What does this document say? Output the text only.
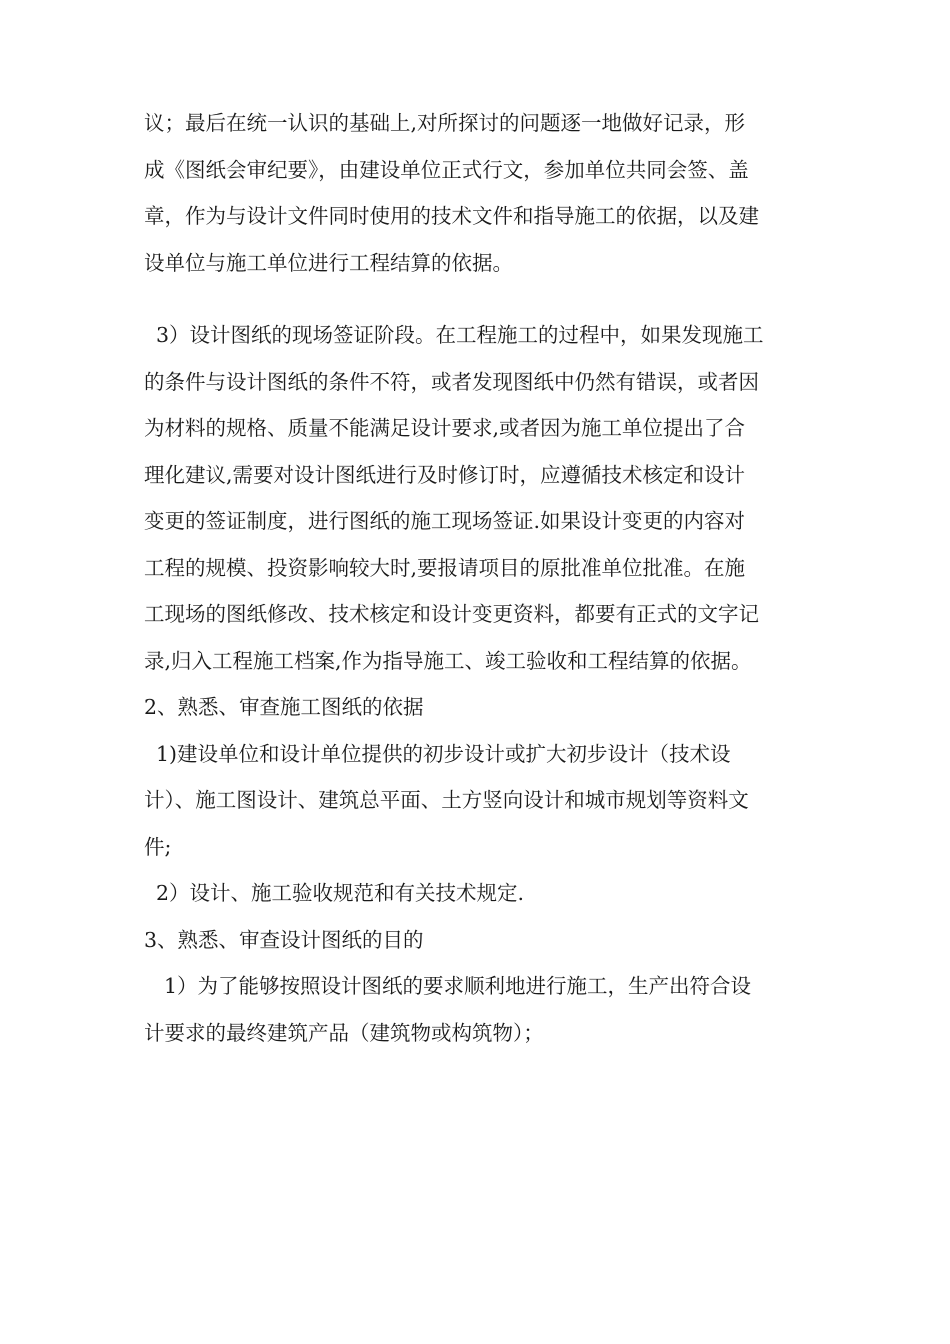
议；最后在统一认识的基础上,对所探讨的问题逐一地做好记录，形
成《图纸会审纪要》，由建设单位正式行文，参加单位共同会签、盖
章，作为与设计文件同时使用的技术文件和指导施工的依据，以及建
设单位与施工单位进行工程结算的依据。
3）设计图纸的现场签证阶段。在工程施工的过程中，如果发现施工
的条件与设计图纸的条件不符，或者发现图纸中仍然有错误，或者因
为材料的规格、质量不能满足设计要求,或者因为施工单位提出了合
理化建议,需要对设计图纸进行及时修订时，应遵循技术核定和设计
变更的签证制度，进行图纸的施工现场签证.如果设计变更的内容对
工程的规模、投资影响较大时,要报请项目的原批准单位批准。在施
工现场的图纸修改、技术核定和设计变更资料，都要有正式的文字记
录,归入工程施工档案,作为指导施工、竣工验收和工程结算的依据。
2、熟悉、审查施工图纸的依据
1)建设单位和设计单位提供的初步设计或扩大初步设计（技术设
计）、施工图设计、建筑总平面、土方竖向设计和城市规划等资料文
件;
2）设计、施工验收规范和有关技术规定.
3、熟悉、审查设计图纸的目的
1）为了能够按照设计图纸的要求顺利地进行施工，生产出符合设
计要求的最终建筑产品（建筑物或构筑物）；
